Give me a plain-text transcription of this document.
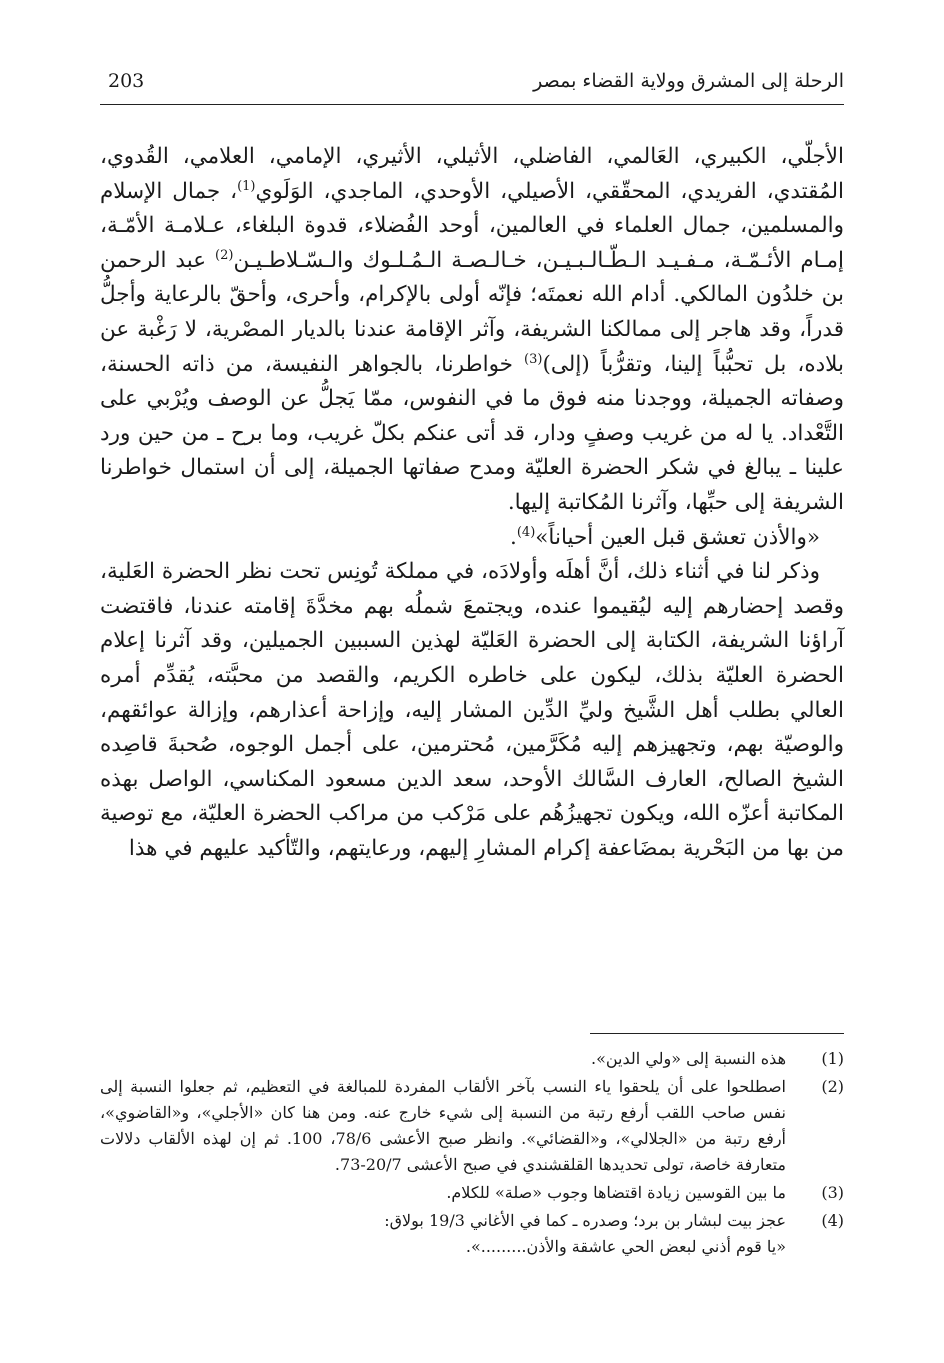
الرحلة إلى المشرق وولاية القضاء بمصر
203

الأجلّي، الكبيري، العَالمي، الفاضلي، الأثيلي، الأثيري، الإمامي، العلامي، القُدوي، المُقتدي، الفريدي، المحقّقي، الأصيلي، الأوحدي، الماجدي، الوَلَوي$^{(1)}$، جمال الإسلام والمسلمين، جمال العلماء في العالمين، أوحد الفُضلاء، قدوة البلغاء، عـلامـة الأمّـة، إمـام الأئـمّـة، مـفـيـد الـطّـالـبـيـن، خـالـصـة الـمُـلـوك والـسّـلاطـيـن$^{(2)}$ عبد الرحمن بن خلدُون المالكي. أدام الله نعمتَه؛ فإنّه أولى بالإكرام، وأحرى، وأحقّ بالرعاية وأجلُّ قدراً، وقد هاجر إلى ممالكنا الشريفة، وآثر الإقامة عندنا بالديار المصْرية، لا رَغْبة عن بلاده، بل تحبُّباً إلينا، وتقرُّباً (إلى)$^{(3)}$ خواطرنا، بالجواهر النفيسة، من ذاته الحسنة، وصفاته الجميلة، ووجدنا منه فوق ما في النفوس، ممّا يَجلُّ عن الوصف ويُرْبي على التَّعْداد. يا له من غريب وصفٍ ودار، قد أتى عنكم بكلّ غريب، وما برح ـ من حين ورد علينا ـ يبالغ في شكر الحضرة العليّة ومدح صفاتها الجميلة، إلى أن استمال خواطرنا الشريفة إلى حبِّها، وآثرنا المُكاتبة إليها.

«والأذن تعشق قبل العين أحياناً»$^{(4)}$.

وذكر لنا في أثناء ذلك، أنَّ أهلَه وأولادَه، في مملكة تُونِس تحت نظر الحضرة العَلية، وقصد إحضارهم إليه ليُقيموا عنده، ويجتمعَ شملُه بهم مخدَّةَ إقامته عندنا، فاقتضت آراؤنا الشريفة، الكتابة إلى الحضرة العَليّة لهذين السببين الجميلين، وقد آثرنا إعلام الحضرة العليّة بذلك، ليكون على خاطره الكريم، والقصد من محبَّته، يُقدِّم أمره العالي بطلب أهل الشَّيخ وليِّ الدِّين المشار إليه، وإزاحة أعذارهم، وإزالة عوائقهم، والوصيّة بهم، وتجهيزهم إليه مُكَرَّمين، مُحترمين، على أجمل الوجوه، صُحبةَ قاصِده الشيخ الصالح، العارف السَّالك الأوحد، سعد الدين مسعود المكناسي، الواصل بهذه المكاتبة أعزّه الله، ويكون تجهيزُهُم على مَرْكب من مراكب الحضرة العليّة، مع توصية من بها من البَحْرية بمضَاعفة إكرام المشارِ إليهم، ورعايتهم، والتّأكيد عليهم في هذا

(1)
هذه النسبة إلى «ولي الدين».
(2)
اصطلحوا على أن يلحقوا ياء النسب بآخر الألقاب المفردة للمبالغة في التعظيم، ثم جعلوا النسبة إلى نفس صاحب اللقب أرفع رتبة من النسبة إلى شيء خارج عنه. ومن هنا كان «الأجلي»، و«القاضوي»، أرفع رتبة من «الجلالي»، و«القضائي». وانظر صبح الأعشى 78/6، 100. ثم إن لهذه الألقاب دلالات متعارفة خاصة، تولى تحديدها القلقشندي في صبح الأعشى 20/7-73.
(3)
ما بين القوسين زيادة اقتضاها وجوب «صلة» للكلام.
(4)
عجز بيت لبشار بن برد؛ وصدره ـ كما في الأغاني 19/3 بولاق:
«يا قوم أذني لبعض الحي عاشقة والأذن.........».
